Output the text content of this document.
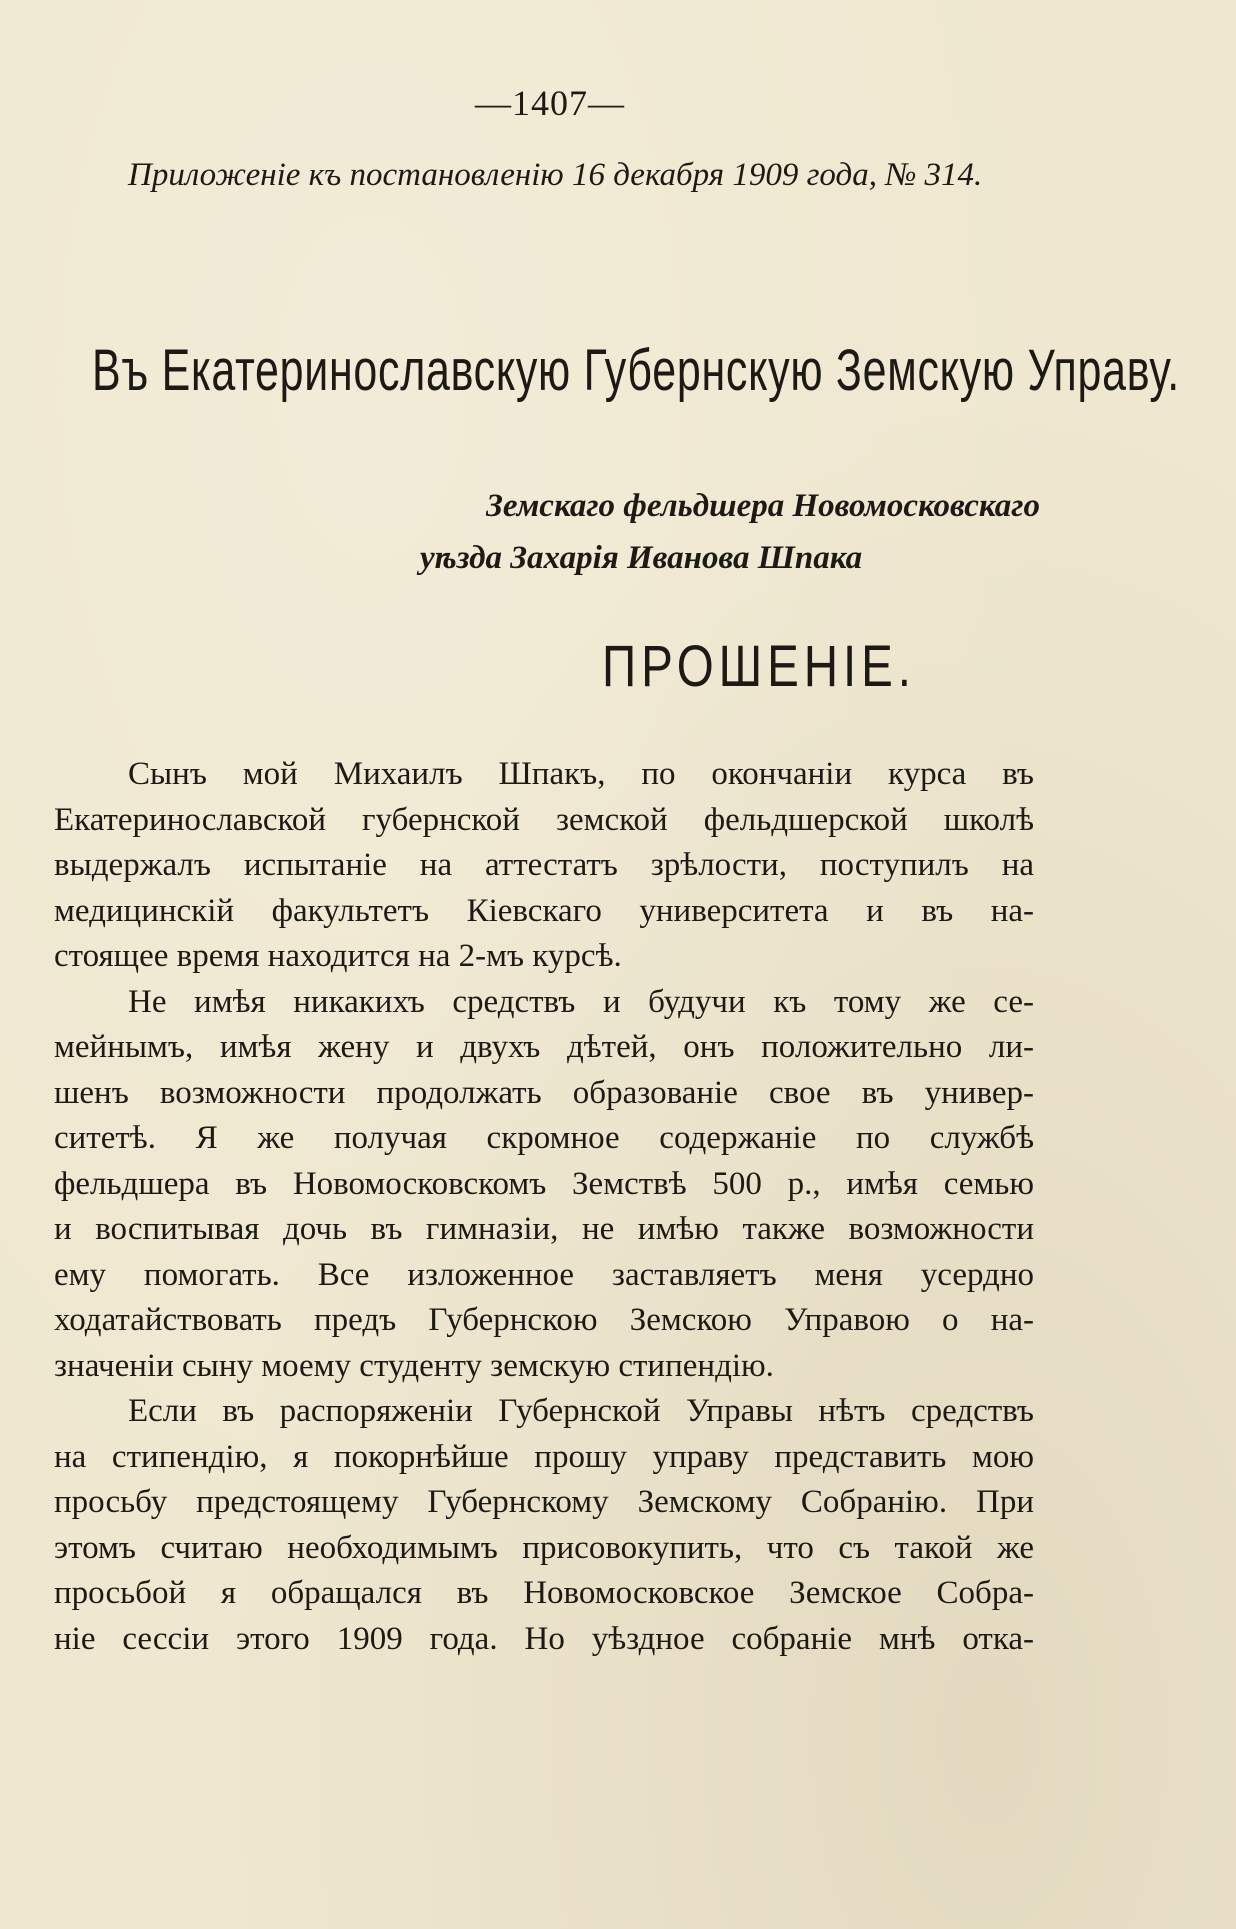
—1407—
Приложенie къ постановленiю 16 декабря 1909 года, № 314.
Въ Екатеринославскую Губернскую Земскую Управу.
Земскаго фельдшера Новомосковскаго
уѣзда Захарiя Иванова Шпака
ПРОШЕНIЕ.
Сынъ мой Михаилъ Шпакъ, по окончанiи курса въ
Екатеринославской губернской земской фельдшерской школѣ
выдержалъ испытанie на аттестатъ зрѣлости, поступилъ на
медицинскiй факультетъ Кiевскаго университета и въ на-
стоящее время находится на 2-мъ курсѣ.
Не имѣя никакихъ средствъ и будучи къ тому же се-
мейнымъ, имѣя жену и двухъ дѣтей, онъ положительно ли-
шенъ возможности продолжать образованie свое въ универ-
ситетѣ. Я же получая скромное содержанie по службѣ
фельдшера въ Новомосковскомъ Земствѣ 500 р., имѣя семью
и воспитывая дочь въ гимназiи, не имѣю также возможности
ему помогать. Все изложенное заставляетъ меня усердно
ходатайствовать предъ Губернскою Земскою Управою о на-
значенiи сыну моему студенту земскую стипендiю.
Если въ распоряженiи Губернской Управы нѣтъ средствъ
на стипендiю, я покорнѣйше прошу управу представить мою
просьбу предстоящему Губернскому Земскому Собранiю. При
этомъ считаю необходимымъ присовокупить, что съ такой же
просьбой я обращался въ Новомосковское Земское Собра-
нiе сессiи этого 1909 года. Но уѣздное собранiе мнѣ отка-
